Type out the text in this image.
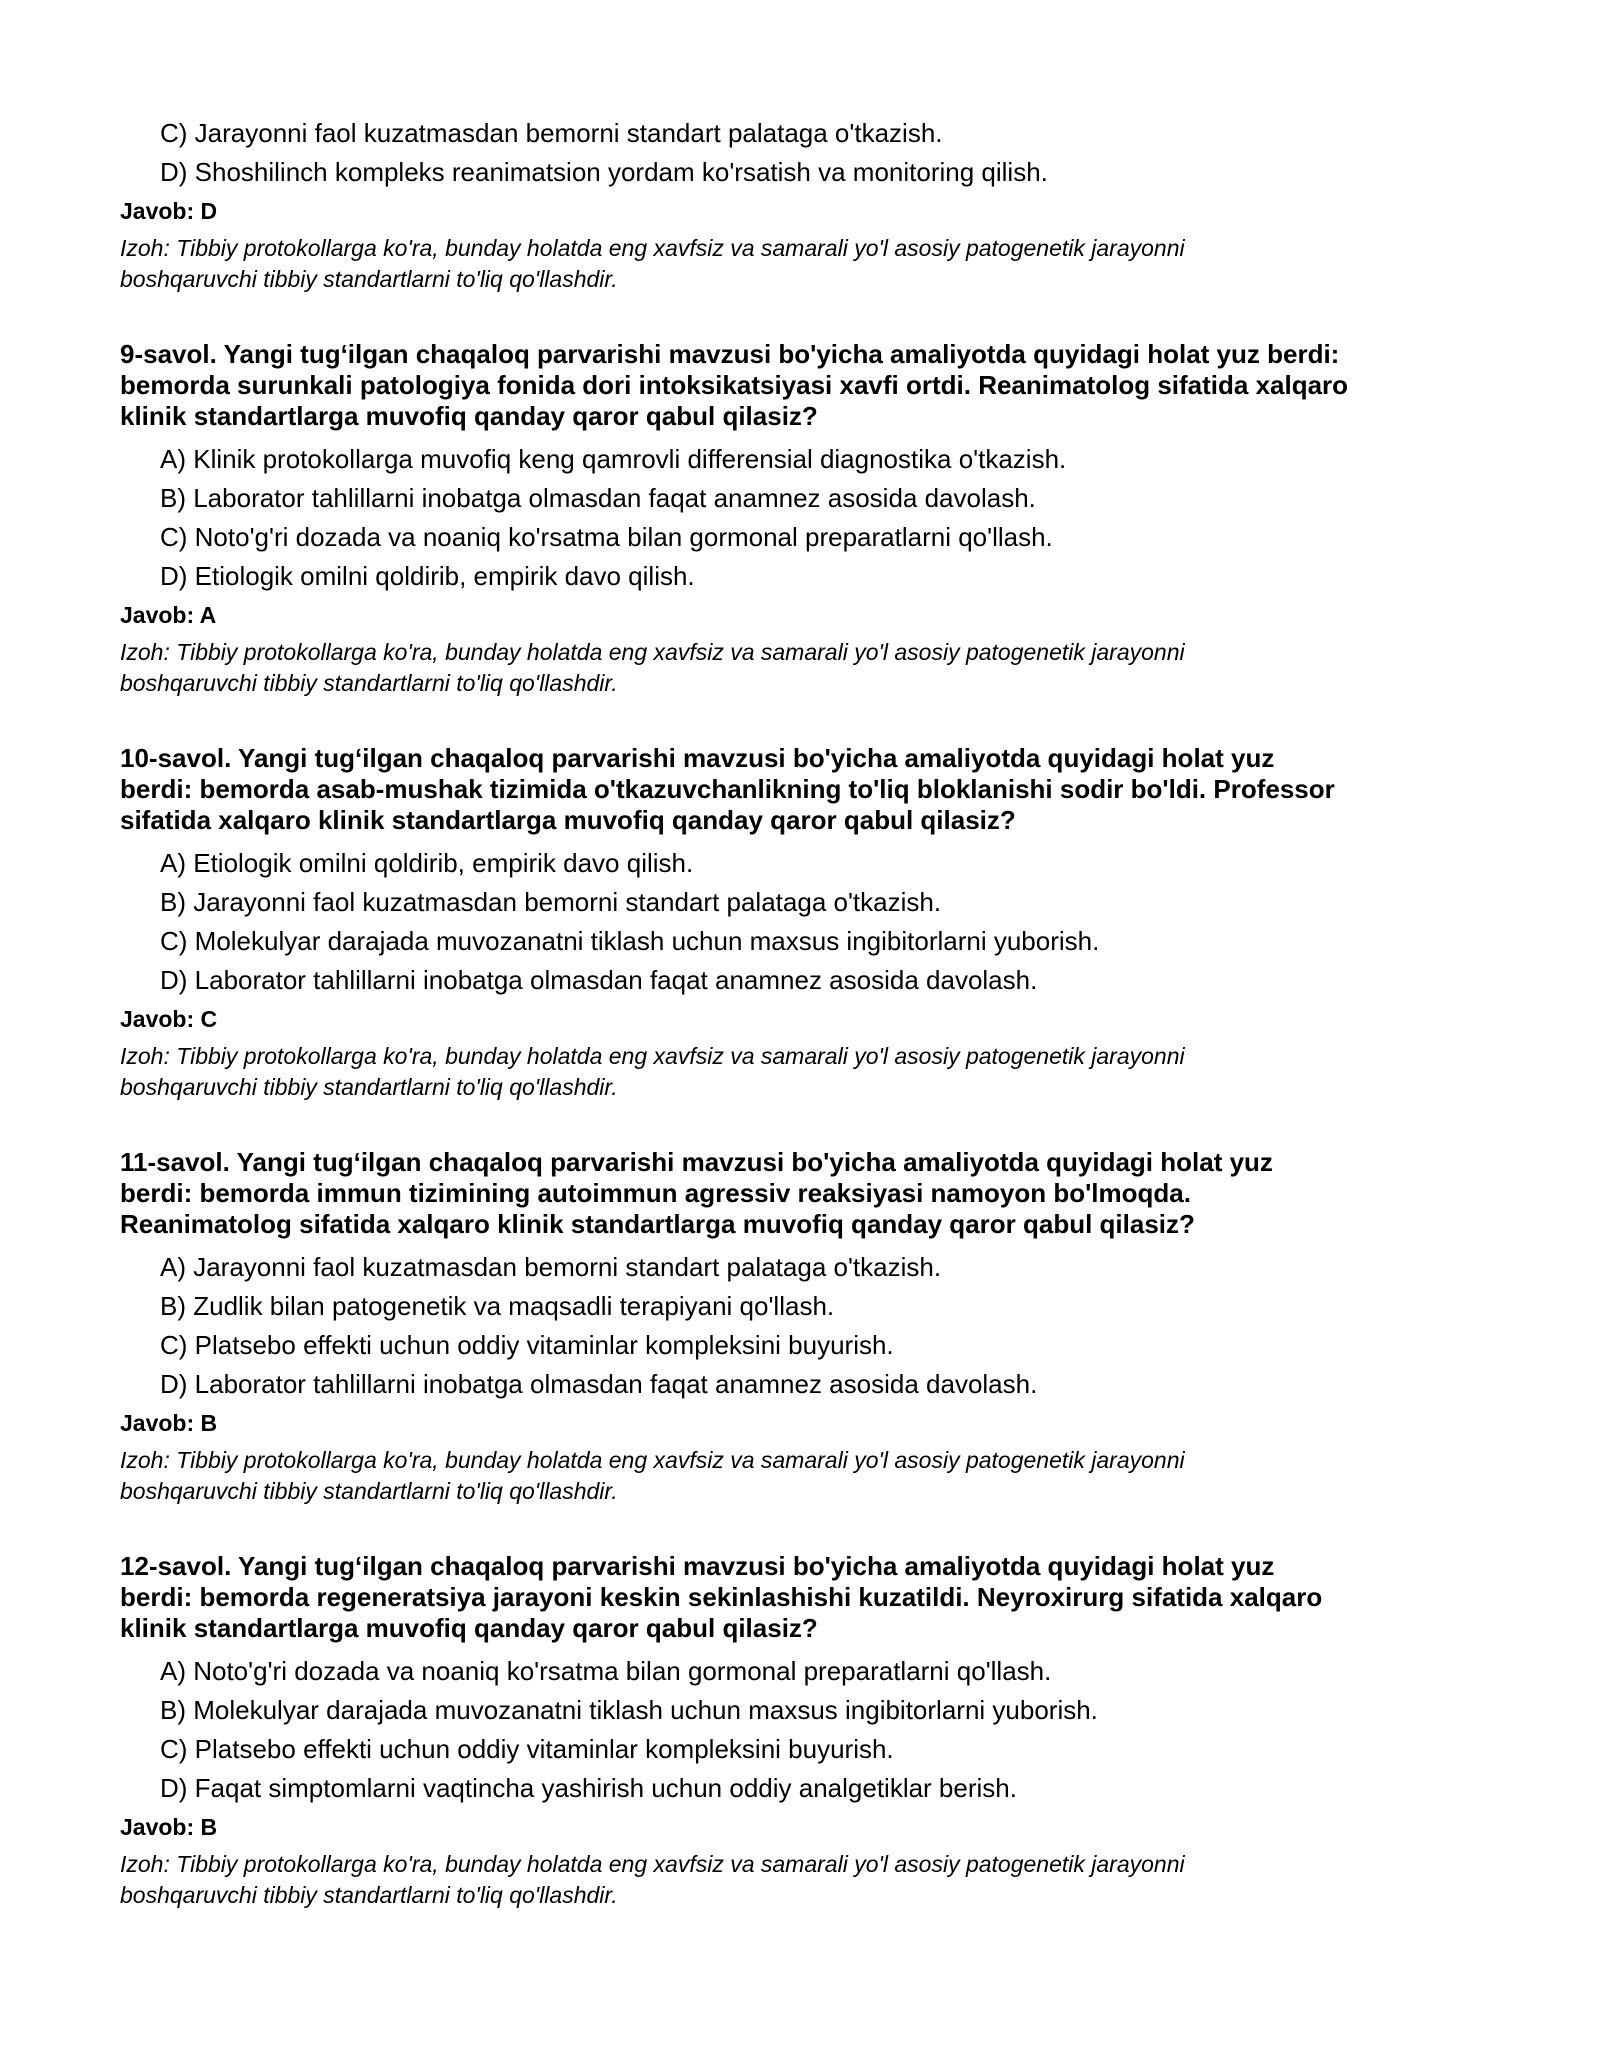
C) Jarayonni faol kuzatmasdan bemorni standart palataga o'tkazish.
D) Shoshilinch kompleks reanimatsion yordam ko'rsatish va monitoring qilish.
Javob: D
Izoh: Tibbiy protokollarga ko'ra, bunday holatda eng xavfsiz va samarali yo'l asosiy patogenetik jarayonni
boshqaruvchi tibbiy standartlarni to'liq qo'llashdir.
9-savol. Yangi tug‘ilgan chaqaloq parvarishi mavzusi bo'yicha amaliyotda quyidagi holat yuz berdi:
bemorda surunkali patologiya fonida dori intoksikatsiyasi xavfi ortdi. Reanimatolog sifatida xalqaro
klinik standartlarga muvofiq qanday qaror qabul qilasiz?
A) Klinik protokollarga muvofiq keng qamrovli differensial diagnostika o'tkazish.
B) Laborator tahlillarni inobatga olmasdan faqat anamnez asosida davolash.
C) Noto'g'ri dozada va noaniq ko'rsatma bilan gormonal preparatlarni qo'llash.
D) Etiologik omilni qoldirib, empirik davo qilish.
Javob: A
Izoh: Tibbiy protokollarga ko'ra, bunday holatda eng xavfsiz va samarali yo'l asosiy patogenetik jarayonni
boshqaruvchi tibbiy standartlarni to'liq qo'llashdir.
10-savol. Yangi tug‘ilgan chaqaloq parvarishi mavzusi bo'yicha amaliyotda quyidagi holat yuz
berdi: bemorda asab-mushak tizimida o'tkazuvchanlikning to'liq bloklanishi sodir bo'ldi. Professor
sifatida xalqaro klinik standartlarga muvofiq qanday qaror qabul qilasiz?
A) Etiologik omilni qoldirib, empirik davo qilish.
B) Jarayonni faol kuzatmasdan bemorni standart palataga o'tkazish.
C) Molekulyar darajada muvozanatni tiklash uchun maxsus ingibitorlarni yuborish.
D) Laborator tahlillarni inobatga olmasdan faqat anamnez asosida davolash.
Javob: C
Izoh: Tibbiy protokollarga ko'ra, bunday holatda eng xavfsiz va samarali yo'l asosiy patogenetik jarayonni
boshqaruvchi tibbiy standartlarni to'liq qo'llashdir.
11-savol. Yangi tug‘ilgan chaqaloq parvarishi mavzusi bo'yicha amaliyotda quyidagi holat yuz
berdi: bemorda immun tizimining autoimmun agressiv reaksiyasi namoyon bo'lmoqda.
Reanimatolog sifatida xalqaro klinik standartlarga muvofiq qanday qaror qabul qilasiz?
A) Jarayonni faol kuzatmasdan bemorni standart palataga o'tkazish.
B) Zudlik bilan patogenetik va maqsadli terapiyani qo'llash.
C) Platsebo effekti uchun oddiy vitaminlar kompleksini buyurish.
D) Laborator tahlillarni inobatga olmasdan faqat anamnez asosida davolash.
Javob: B
Izoh: Tibbiy protokollarga ko'ra, bunday holatda eng xavfsiz va samarali yo'l asosiy patogenetik jarayonni
boshqaruvchi tibbiy standartlarni to'liq qo'llashdir.
12-savol. Yangi tug‘ilgan chaqaloq parvarishi mavzusi bo'yicha amaliyotda quyidagi holat yuz
berdi: bemorda regeneratsiya jarayoni keskin sekinlashishi kuzatildi. Neyroxirurg sifatida xalqaro
klinik standartlarga muvofiq qanday qaror qabul qilasiz?
A) Noto'g'ri dozada va noaniq ko'rsatma bilan gormonal preparatlarni qo'llash.
B) Molekulyar darajada muvozanatni tiklash uchun maxsus ingibitorlarni yuborish.
C) Platsebo effekti uchun oddiy vitaminlar kompleksini buyurish.
D) Faqat simptomlarni vaqtincha yashirish uchun oddiy analgetiklar berish.
Javob: B
Izoh: Tibbiy protokollarga ko'ra, bunday holatda eng xavfsiz va samarali yo'l asosiy patogenetik jarayonni
boshqaruvchi tibbiy standartlarni to'liq qo'llashdir.
